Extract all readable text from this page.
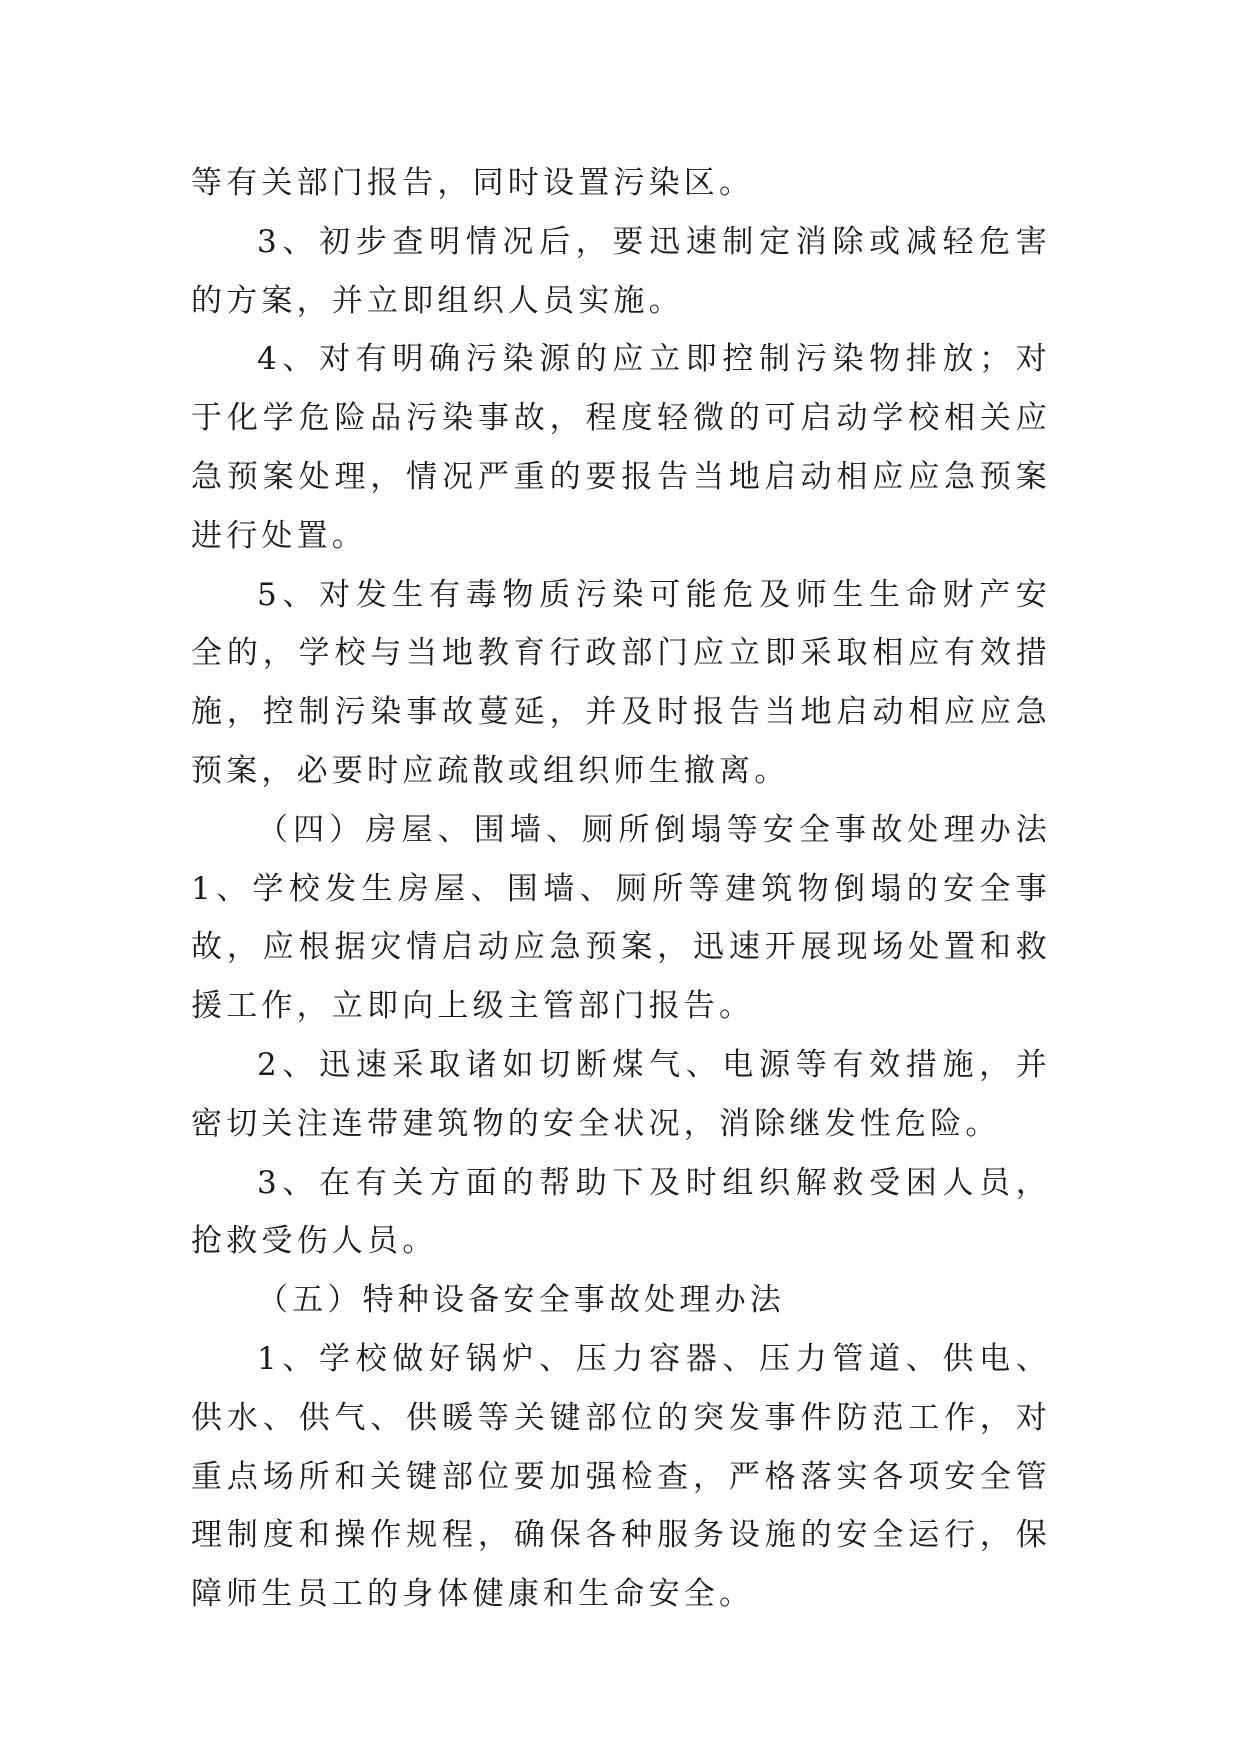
等有关部门报告，同时设置污染区。

3、初步查明情况后，要迅速制定消除或减轻危害的方案，并立即组织人员实施。

4、对有明确污染源的应立即控制污染物排放；对于化学危险品污染事故，程度轻微的可启动学校相关应急预案处理，情况严重的要报告当地启动相应应急预案进行处置。

5、对发生有毒物质污染可能危及师生生命财产安全的，学校与当地教育行政部门应立即采取相应有效措施，控制污染事故蔓延，并及时报告当地启动相应应急预案，必要时应疏散或组织师生撤离。

（四）房屋、围墙、厕所倒塌等安全事故处理办法 1、学校发生房屋、围墙、厕所等建筑物倒塌的安全事故，应根据灾情启动应急预案，迅速开展现场处置和救援工作，立即向上级主管部门报告。

2、迅速采取诸如切断煤气、电源等有效措施，并密切关注连带建筑物的安全状况，消除继发性危险。

3、在有关方面的帮助下及时组织解救受困人员，抢救受伤人员。

（五）特种设备安全事故处理办法

1、学校做好锅炉、压力容器、压力管道、供电、供水、供气、供暖等关键部位的突发事件防范工作，对重点场所和关键部位要加强检查，严格落实各项安全管理制度和操作规程，确保各种服务设施的安全运行，保障师生员工的身体健康和生命安全。
